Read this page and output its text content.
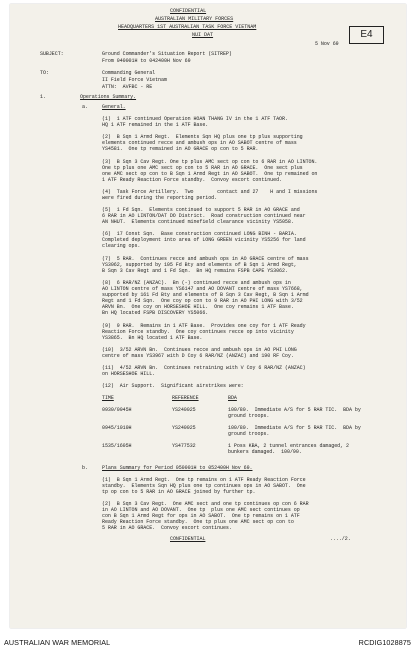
CONFIDENTIAL
AUSTRALIAN MILITARY FORCES
HEADQUARTERS 1ST AUSTRALIAN TASK FORCE VIETNAM
NUI DAT	E4
5 Nov 69
SUBJECT:	Ground Commander's Situation Report (SITREP)
From 040001H to 042400H Nov 69
TO:	Commanding General
II Field Force Vietnam
ATTN:  AVFBC - RE
1.	Operations Summary.
a.	General.
(1)  1 ATF continued Operation HOAN THANG IV in the 1 ATF TAOR.
HQ 1 ATF remained in the 1 ATF Base.
(2)  B Sqn 1 Armd Regt.  Elements Sqn HQ plus one tp plus supporting
elements continued recce and ambush ops in AO SABOT centre of mass
YS4581.  One tp remained in AO GRACE op con to 5 RAR.
(3)  B Sqn 3 Cav Regt. One tp plus AMC sect op con to 6 RAR in AO LINTON.
One tp plus one AMC sect op con to 5 RAR in AO GRACE.  One sect plus
one AMC sect op con to B Sqn 1 Armd Regt in AO SABOT.  One tp remained on
1 ATF Ready Reaction Force standby.  Convoy escort continued.
(4)  Task Force Artillery.  Two        contact and 27    H and I missions
were fired during the reporting period.
(5)  1 Fd Sqn.  Elements continued to support 5 RAR in AO GRACE and
6 RAR in AO LINTON/DAT DO District.  Road construction continued near
AN NHUT.  Elements continued minefield clearance vicinity YS5058.
(6)  17 Const Sqn.  Base construction continued LONG BINH - BARIA.
Completed deployment into area of LONG GREEN vicinity YS5256 for land
clearing ops.
(7)  5 RAR.  Continues recce and ambush ops in AO GRACE centre of mass
YS3062, supported by 105 Fd Bty and elements of B Sqn 1 Armd Regt,
B Sqn 3 Cav Regt and 1 Fd Sqn.  Bn HQ remains FSPB CAPE YS3062.
(8)  6 RAR/NZ (ANZAC).  Bn (-) continued recce and ambush ops in
AO LINTON centre of mass YS6147 and AO DOVANT centre of mass YS7668,
supported by 161 Fd Bty and elements of B Sqn 3 Cav Regt, B Sqn 1 Armd
Regt and 1 Fd Sqn.  One coy op con to 9 RAR in AO PHI LONG with 3/52
ARVN Bn.  One coy on HORSESHOE HILL.  One coy remains 1 ATF Base.
Bn HQ located FSPB DISCOVERY YS5066.
(9)  9 RAR.  Remains in 1 ATF Base.  Provides one coy for 1 ATF Ready
Reaction Force standby.  One coy continues recce op into vicinity
YS3865.  Bn HQ located 1 ATF Base.
(10)  3/52 ARVN Bn.  Continues recce and ambush ops in AO PHI LONG
centre of mass YS3967 with D Coy 6 RAR/NZ (ANZAC) and 190 RF Coy.
(11)  4/52 ARVN Bn.  Continues retraining with V Coy 6 RAR/NZ (ANZAC)
on HORSESHOE HILL.
(12)  Air Support.  Significant airstrikes were:
TIME	REFERENCE	BDA
0930/0945H	YS240025	100/80.  Immediate A/S for 5 RAR TIC.  BDA by
ground troops.
0945/1010H	YS240025	100/80.  Immediate A/S for 5 RAR TIC.  BDA by
ground troops.
1535/1605H	YS477532	1 Poss KBA, 2 tunnel entrances damaged, 2
bunkers damaged.  100/90.
b.	Plans Summary for Period 050001H to 052400H Nov 69.
(1)  B Sqn 1 Armd Regt.  One tp remains on 1 ATF Ready Reaction Force
standby.  Elements Sqn HQ plus one tp continues ops in AO SABOT.  One
tp op con to 5 RAR in AO GRACE joined by further tp.
(2)  B Sqn 3 Cav Regt.  One AMC sect and one tp continues op con 6 RAR
in AO LINTON and AO DOVANT.  One tp  plus one AMC sect continues op
con B Sqn 1 Armd Regt for ops in AO SABOT.  One tp remains on 1 ATF
Ready Reaction Force standby.  One tp plus one AMC sect op con to
5 RAR in AO GRACE.  Convoy escort continues.
CONFIDENTIAL	..../2.
AUSTRALIAN WAR MEMORIAL	RCDIG1028875
